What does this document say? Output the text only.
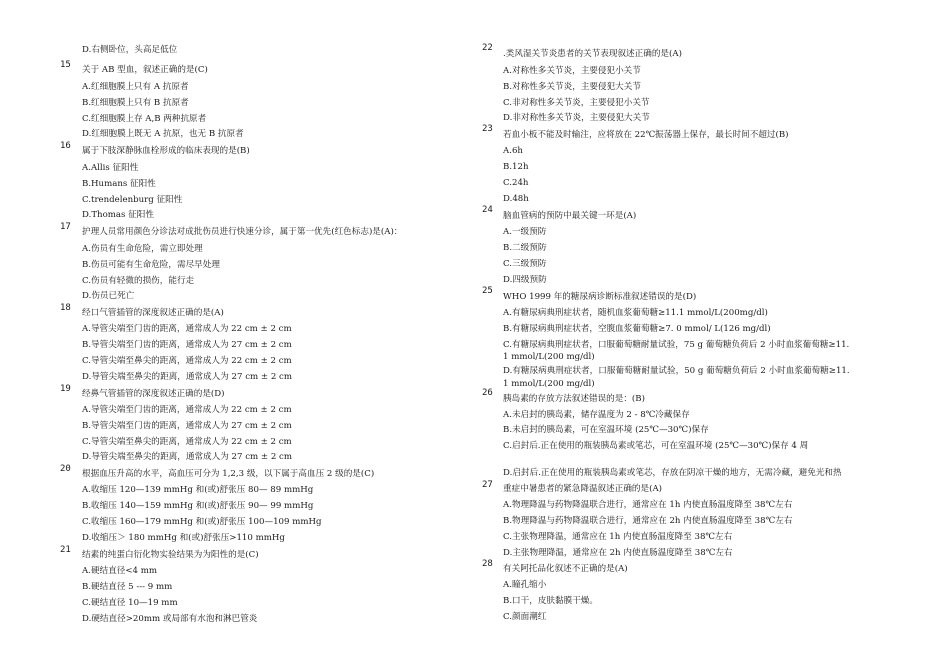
D.右侧卧位，头高足低位
15 关于 AB 型血，叙述正确的是(C)
A.红细胞膜上只有 A 抗原者
B.红细胞膜上只有 B 抗原者
C.红细胞膜上存 A,B 两种抗原者
D.红细胞膜上既无 A 抗原，也无 B 抗原者
16 属于下肢深静脉血栓形成的临床表现的是(B)
A.Allis 征阳性
B.Humans 征阳性
C.trendelenburg 征阳性
D.Thomas 征阳性
17 护理人员常用颜色分诊法对成批伤员进行快速分诊，属于第一优先(红色标志)是(A)：
A.伤员有生命危险，需立即处理
B.伤员可能有生命危险，需尽早处理
C.伤员有轻微的损伤，能行走
D.伤员已死亡
18 经口气管插管的深度叙述正确的是(A)
A.导管尖端至门齿的距离，通常成人为 22 cm ± 2 cm
B.导管尖端至门齿的距离，通常成人为 27 cm ± 2 cm
C.导管尖端至鼻尖的距离，通常成人为 22 cm ± 2 cm
D.导管尖端至鼻尖的距离，通常成人为 27 cm ± 2 cm
19 经鼻气管插管的深度叙述正确的是(D)
A.导管尖端至门齿的距离，通常成人为 22 cm ± 2 cm
B.导管尖端至门齿的距离，通常成人为 27 cm ± 2 cm
C.导管尖端至鼻尖的距离，通常成人为 22 cm ± 2 cm
D.导管尖端至鼻尖的距离，通常成人为 27 cm ± 2 cm
20 根据血压升高的水平，高血压可分为 1,2,3 级，以下属于高血压 2 级的是(C)
A.收缩压 120—139 mmHg 和(或)舒张压 80— 89 mmHg
B.收缩压 140—159 mmHg 和(或)舒张压 90— 99 mmHg
C.收缩压 160—179 mmHg 和(或)舒张压 100—109 mmHg
D.收缩压＞ 180 mmHg 和(或)舒张压>110 mmHg
21 结素的纯蛋白衍化物实验结果为为阳性的是(C)
A.硬结直径<4 mm
B.硬结直径 5 --- 9 mm
C.硬结直径 10—19 mm
D.硬结直径>20mm 或局部有水泡和淋巴管炎
22
.类风湿关节炎患者的关节表现叙述正确的是(A)
A.对称性多关节炎，主要侵犯小关节
B.对称性多关节炎，主要侵犯大关节
C.非对称性多关节炎，主要侵犯小关节
D.非对称性多关节炎，主要侵犯大关节
23
若血小板不能及时输注，应将放在 22℃振荡器上保存，最长时间不超过(B)
A.6h
B.12h
C.24h
D.48h
24
脑血管病的预防中最关键一环是(A)
A.一级预防
B.二级预防
C.三级预防
D.四级预防
25
WHO 1999 年的糖尿病诊断标准叙述错误的是(D)
A.有糖尿病典刑症状者，随机血浆葡萄糖≥11.1 mmol/L(200mg/dl)
B.有糖尿病典刑症状者，空腹血浆葡萄糖≥7. 0 mmol/ L(126 mg/dl)
C.有糖尿病典刑症状者，口服葡萄糖耐量试验，75 g 葡萄糖负荷后 2 小时血浆葡萄糖≥11.
1 mmol/L(200 mg/dl)
D.有糖尿病典刑症状者，口服葡萄糖耐量试验，50 g 葡萄糖负荷后 2 小时血浆葡萄糖≥11.
1 mmol/L(200 mg/dl)
26
胰岛素的存放方法叙述错误的是：(B)
A.未启封的胰岛素，储存温度为 2 - 8℃冷藏保存
B.未启封的胰岛素，可在室温环境 (25℃—30℃)保存
C.启封后.正在使用的瓶装胰岛素或笔芯，可在室温环境 (25℃—30℃)保存 4 周
D.启封后.正在使用的瓶装胰岛素或笔芯，存放在阴凉干燥的地方，无需冷藏，避免光和热
27 重症中暑患者的紧急降温叙述正确的是(A)
A.物理降温与药物降温联合进行，通常应在 1h 内使直肠温度降至 38℃左右
B.物理降温与药物降温联合进行，通常应在 2h 内使直肠温度降至 38℃左右
C.主张物理降温，通常应在 1h 内使直肠温度降至 38℃左右
D.主张物理降温，通常应在 2h 内使直肠温度降至 38℃左右
28 有关阿托品化叙述不正确的是(A)
A.瞳孔缩小
B.口干，皮肤黏膜干燥。
C.颜面潮红
